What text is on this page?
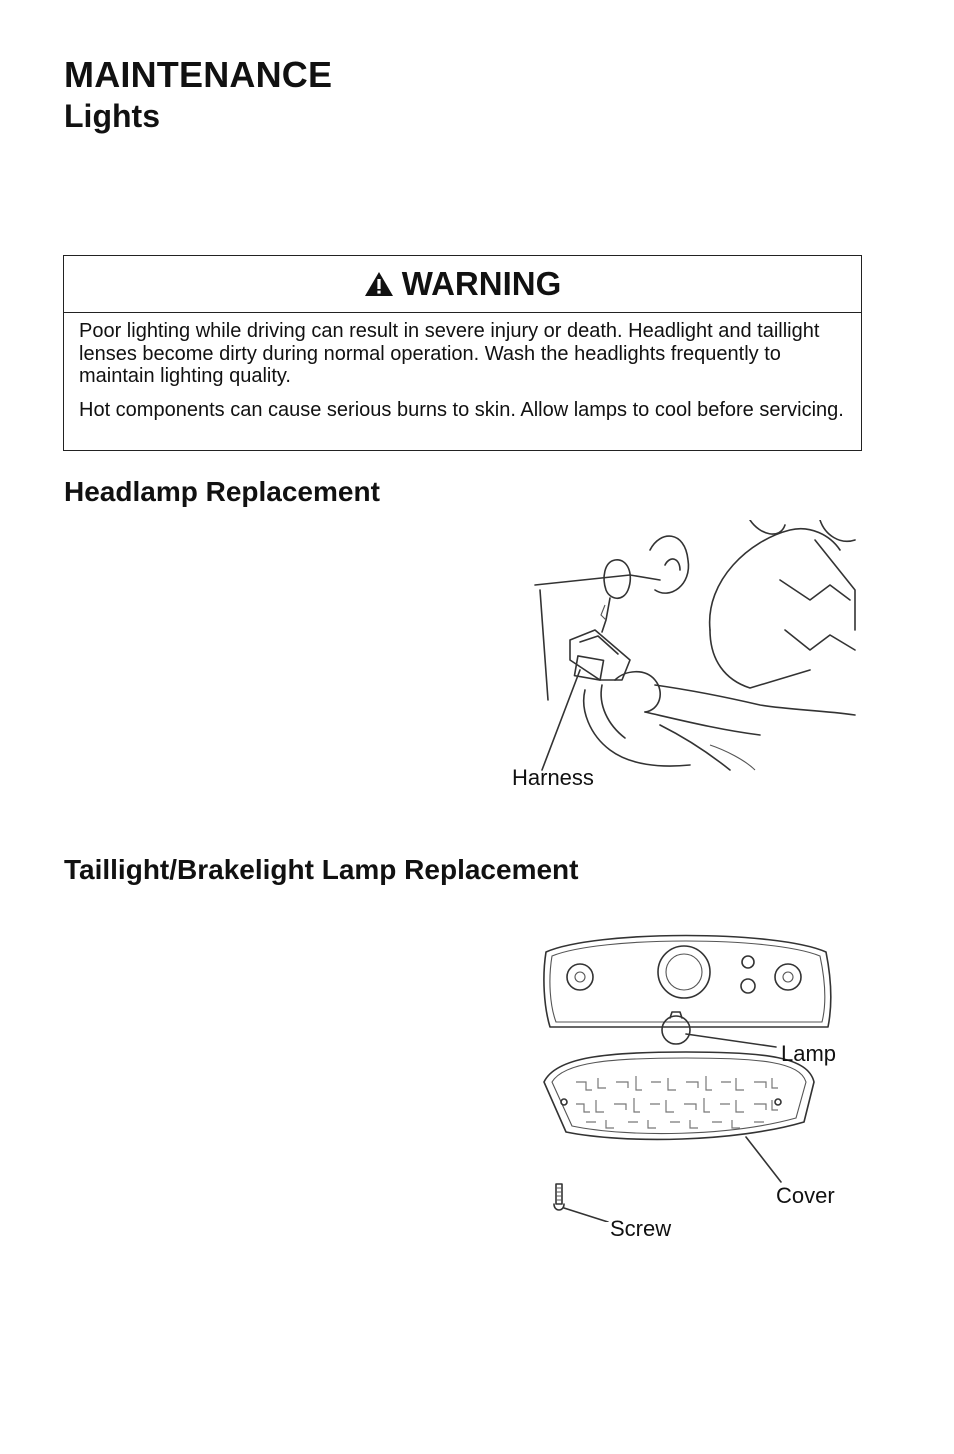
MAINTENANCE
Lights
WARNING

Poor lighting while driving can result in severe injury or death. Headlight and taillight lenses become dirty during normal operation. Wash the headlights frequently to maintain lighting quality.

Hot components can cause serious burns to skin. Allow lamps to cool before servicing.

Headlamp Replacement
Harness
Taillight/Brakelight Lamp Replacement
Lamp
Cover
Screw
